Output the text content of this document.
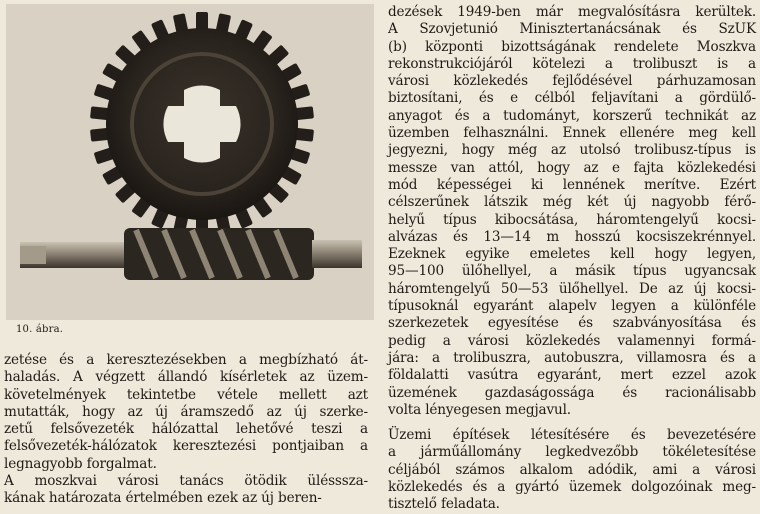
10. ábra.
zetése és a keresztezésekben a megbízható át-
haladás. A végzett állandó kísérletek az üzem-
követelmények tekintetbe vétele mellett azt
mutatták, hogy az új áramszedő az új szerke-
zetű felsővezeték hálózattal lehetővé teszi a
felsővezeték-hálózatok keresztezési pontjaiban a
legnagyobb forgalmat.
A moszkvai városi tanács ötödik ülésssza-
kának határozata értelmében ezek az új beren-
dezések 1949-ben már megvalósításra kerültek.
A Szovjetunió Minisztertanácsának és SzUK
(b) központi bizottságának rendelete Moszkva
rekonstrukciójáról kötelezi a trolibuszt is a
városi közlekedés fejlődésével párhuzamosan
biztosítani, és e célból feljavítani a gördülő-
anyagot és a tudományt, korszerű technikát az
üzemben felhasználni. Ennek ellenére meg kell
jegyezni, hogy még az utolsó trolibusz-típus is
messze van attól, hogy az e fajta közlekedési
mód képességei ki lennének merítve. Ezért
célszerűnek látszik még két új nagyobb férő-
helyű típus kibocsátása, háromtengelyű kocsi-
alvázas és 13—14 m hosszú kocsiszekrénnyel.
Ezeknek egyike emeletes kell hogy legyen,
95—100 ülőhellyel, a másik típus ugyancsak
háromtengelyű 50—53 ülőhellyel. De az új kocsi-
típusoknál egyaránt alapelv legyen a különféle
szerkezetek egyesítése és szabványosítása és
pedig a városi közlekedés valamennyi formá-
jára: a trolibuszra, autobuszra, villamosra és a
földalatti vasútra egyaránt, mert ezzel azok
üzemének gazdaságossága és racionálisabb
volta lényegesen megjavul.
Üzemi építések létesítésére és bevezetésére
a járműállomány legkedvezőbb tökéletesítése
céljából számos alkalom adódik, ami a városi
közlekedés és a gyártó üzemek dolgozóinak meg-
tisztelő feladata.
